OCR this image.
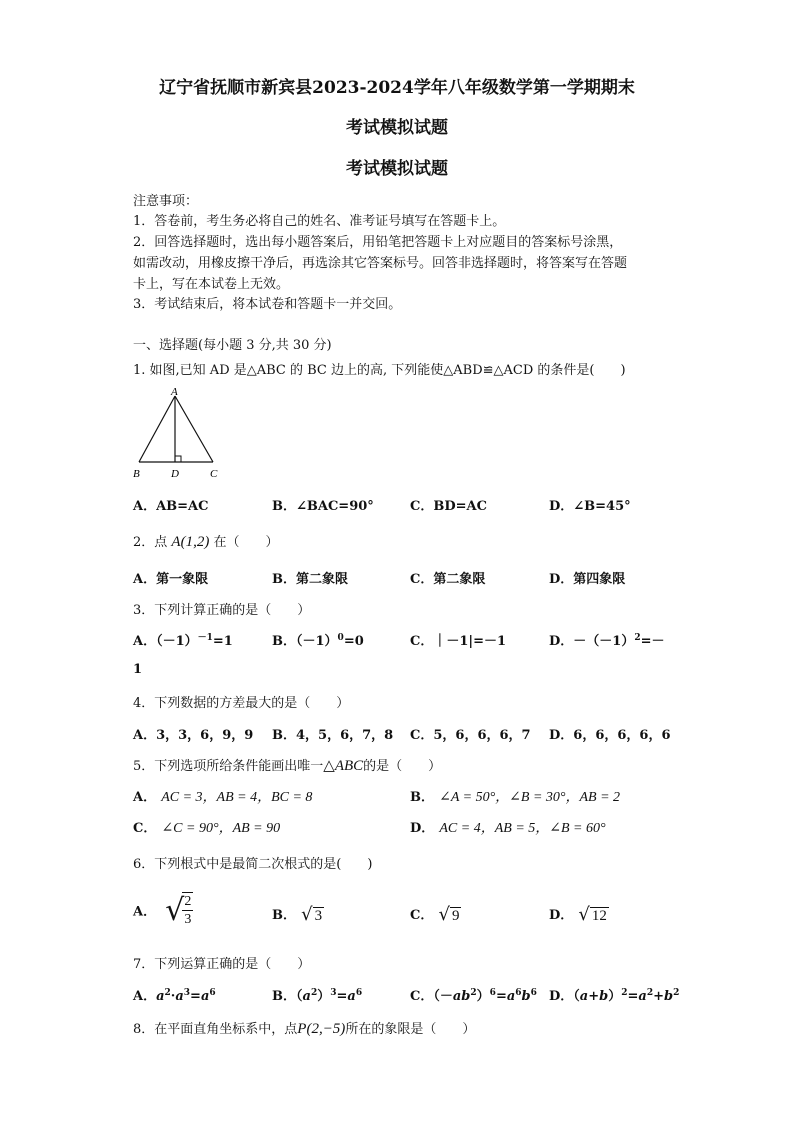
辽宁省抚顺市新宾县2023-2024学年八年级数学第一学期期末
考试模拟试题
考试模拟试题
注意事项：
1．答卷前，考生务必将自己的姓名、准考证号填写在答题卡上。
2．回答选择题时，选出每小题答案后，用铅笔把答题卡上对应题目的答案标号涂黑，
如需改动，用橡皮擦干净后，再选涂其它答案标号。回答非选择题时，将答案写在答题
卡上，写在本试卷上无效。
3．考试结束后，将本试卷和答题卡一并交回。
一、选择题(每小题 3 分,共 30 分)
1. 如图,已知 AD 是△ABC 的 BC 边上的高, 下列能使△ABD≌△ACD 的条件是(　　)
A
B	D	C
A．AB=AC	B．∠BAC=90°	C．BD=AC	D．∠B=45°
2．点 A(1,2) 在（　　）
A．第一象限	B．第二象限	C．第二象限	D．第四象限
3．下列计算正确的是（　　）
A．$(-1)^{-1}=1$	B．$(-1)^0=0$	C．｜－1|=－1	D．$-(-1)^2=-$
1
4．下列数据的方差最大的是（　　）
A．3，3，6，9，9 B．4，5，6，7，8 C．5，6，6，6，7 D．6，6，6，6，6
5．下列选项所给条件能画出唯一△ABC的是（　　）
A． AC = 3，AB = 4，BC = 8	B． ∠A = 50°，∠B = 30°，AB = 2
C． ∠C = 90°，AB = 90	D． AC = 4，AB = 5，∠B = 60°
6．下列根式中是最简二次根式的是(　　)
A． √
$\frac{2}{3}$	B． √ 3	C． √ 9	D． √ 12
7．下列运算正确的是（　　）
A．$a^2\cdot a^3=a^6$	B．$(a^2)^3=a^6$	C．$(-ab^2)^6=a^6b^6$ D．$(a+b)^2=a^2+b^2$
8．在平面直角坐标系中，点P(2,−5)所在的象限是（　　）
